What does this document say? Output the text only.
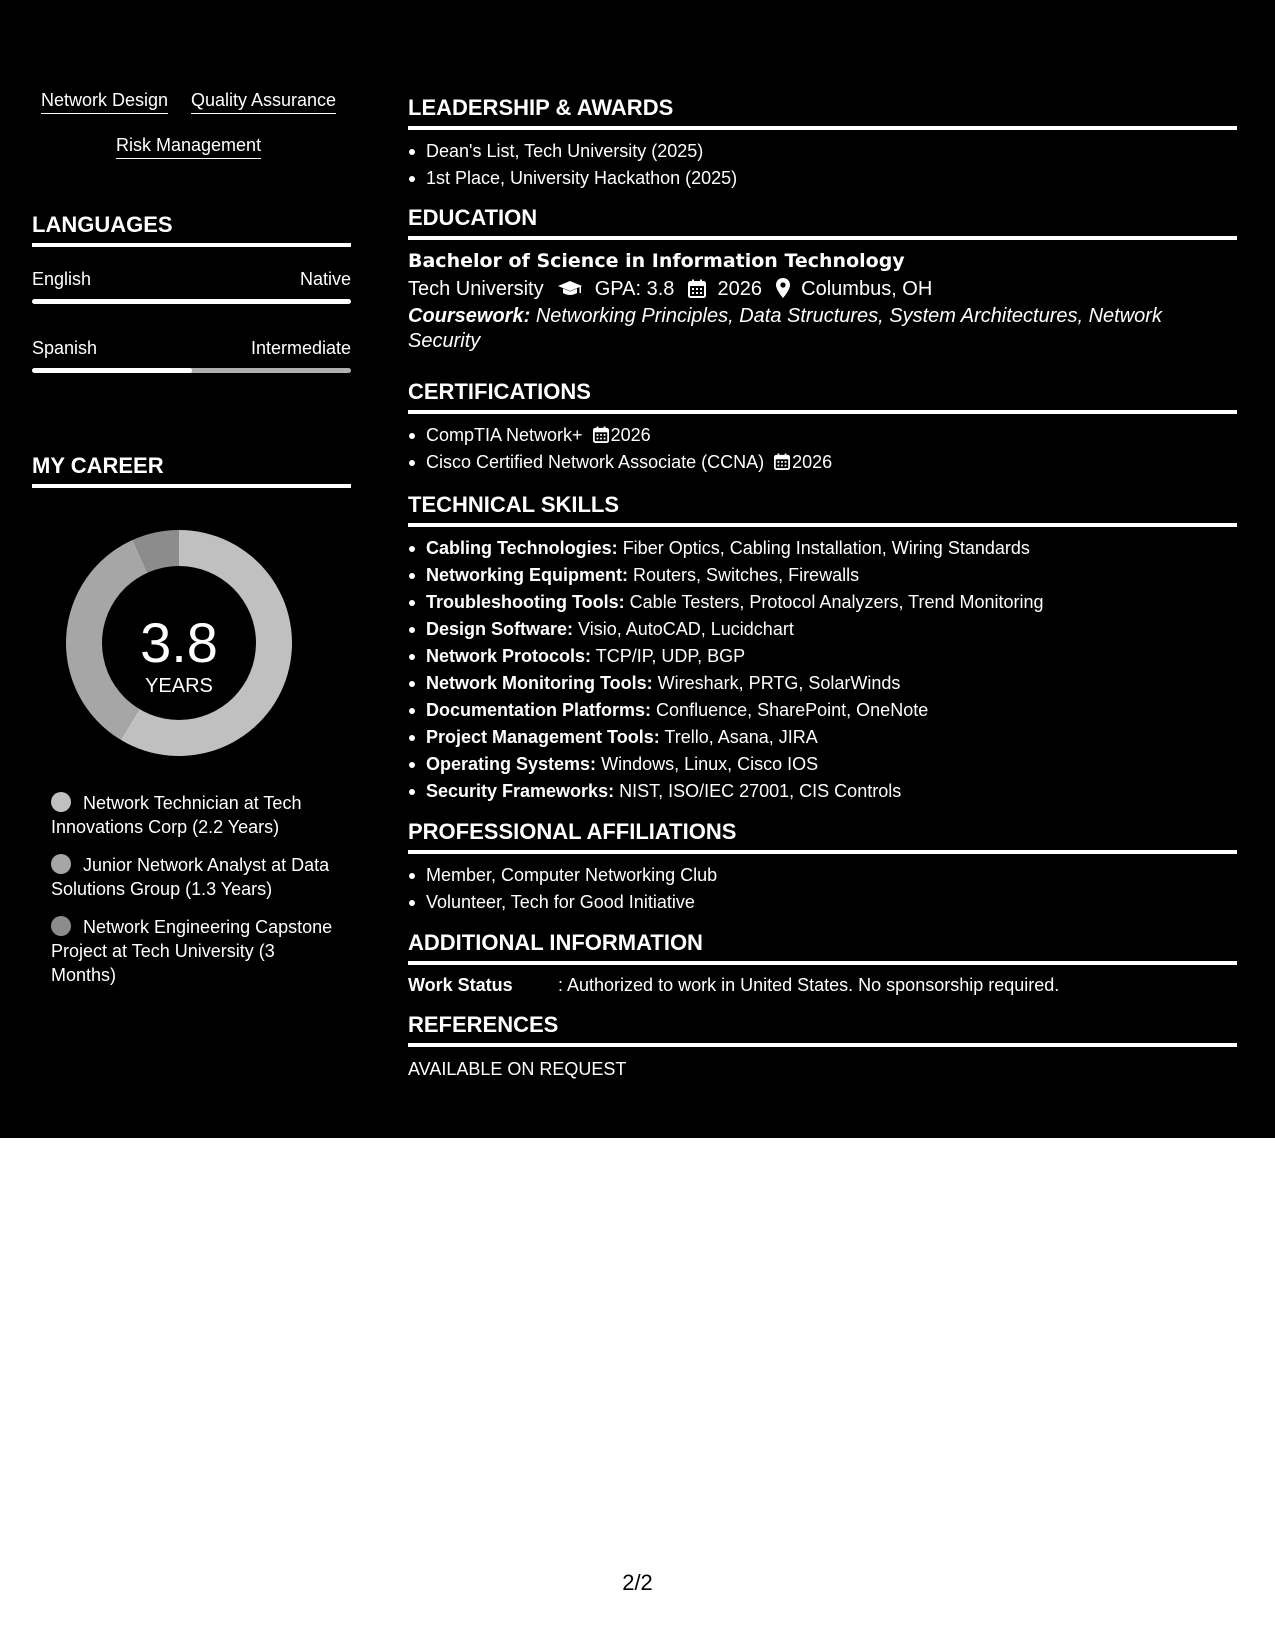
Network Design Quality Assurance
Risk Management
LANGUAGES
English	Native
Spanish	Intermediate
MY CAREER
3.8
YEARS
Network Technician at Tech Innovations Corp (2.2 Years)
Junior Network Analyst at Data Solutions Group (1.3 Years)
Network Engineering Capstone Project at Tech University (3 Months)
LEADERSHIP & AWARDS
Dean's List, Tech University (2025)
1st Place, University Hackathon (2025)
EDUCATION
Bachelor of Science in Information Technology
Tech University	GPA: 3.8 2026 Columbus, OH
Coursework: Networking Principles, Data Structures, System Architectures, Network Security
CERTIFICATIONS
CompTIA Network+ 2026
Cisco Certified Network Associate (CCNA) 2026
TECHNICAL SKILLS
Cabling Technologies: Fiber Optics, Cabling Installation, Wiring Standards
Networking Equipment: Routers, Switches, Firewalls
Troubleshooting Tools: Cable Testers, Protocol Analyzers, Trend Monitoring
Design Software: Visio, AutoCAD, Lucidchart
Network Protocols: TCP/IP, UDP, BGP
Network Monitoring Tools: Wireshark, PRTG, SolarWinds
Documentation Platforms: Confluence, SharePoint, OneNote
Project Management Tools: Trello, Asana, JIRA
Operating Systems: Windows, Linux, Cisco IOS
Security Frameworks: NIST, ISO/IEC 27001, CIS Controls
PROFESSIONAL AFFILIATIONS
Member, Computer Networking Club
Volunteer, Tech for Good Initiative
ADDITIONAL INFORMATION
Work Status	: Authorized to work in United States. No sponsorship required.
REFERENCES
AVAILABLE ON REQUEST
2/2
